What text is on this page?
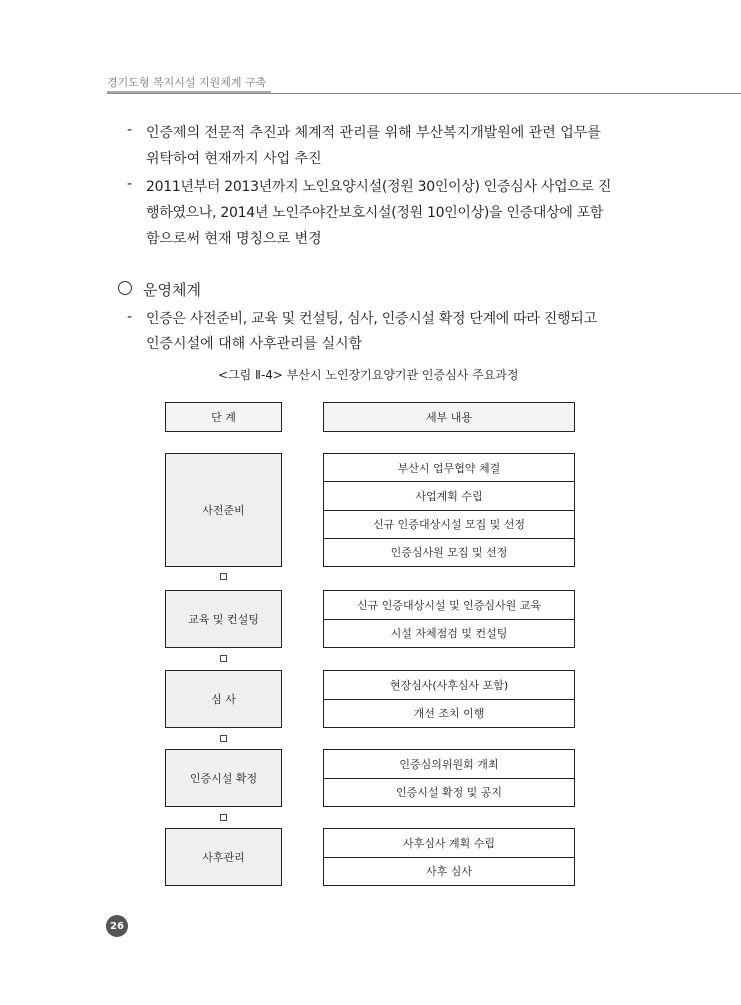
경기도형 복지시설 지원체계 구축
- 인증제의 전문적 추진과 체계적 관리를 위해 부산복지개발원에 관련 업무를
위탁하여 현재까지 사업 추진
- 2011년부터 2013년까지 노인요양시설(정원 30인이상) 인증심사 사업으로 진
행하였으나, 2014년 노인주야간보호시설(정원 10인이상)을 인증대상에 포함
함으로써 현재 명칭으로 변경
운영체계
- 인증은 사전준비, 교육 및 컨설팅, 심사, 인증시설 확정 단계에 따라 진행되고
인증시설에 대해 사후관리를 실시함
<그림 Ⅱ-4> 부산시 노인장기요양기관 인증심사 주요과정
단 계	세부 내용
사전준비
부산시 업무협약 체결
사업계획 수립
신규 인증대상시설 모집 및 선정
인증심사원 모집 및 선정
교육 및 컨설팅
신규 인증대상시설 및 인증심사원 교육
시설 자체점검 및 컨설팅
심 사
현장심사(사후심사 포함)
개선 조치 이행
인증시설 확정
인증심의위원회 개최
인증시설 확정 및 공지
사후관리
사후심사 계획 수립
사후 심사
26
